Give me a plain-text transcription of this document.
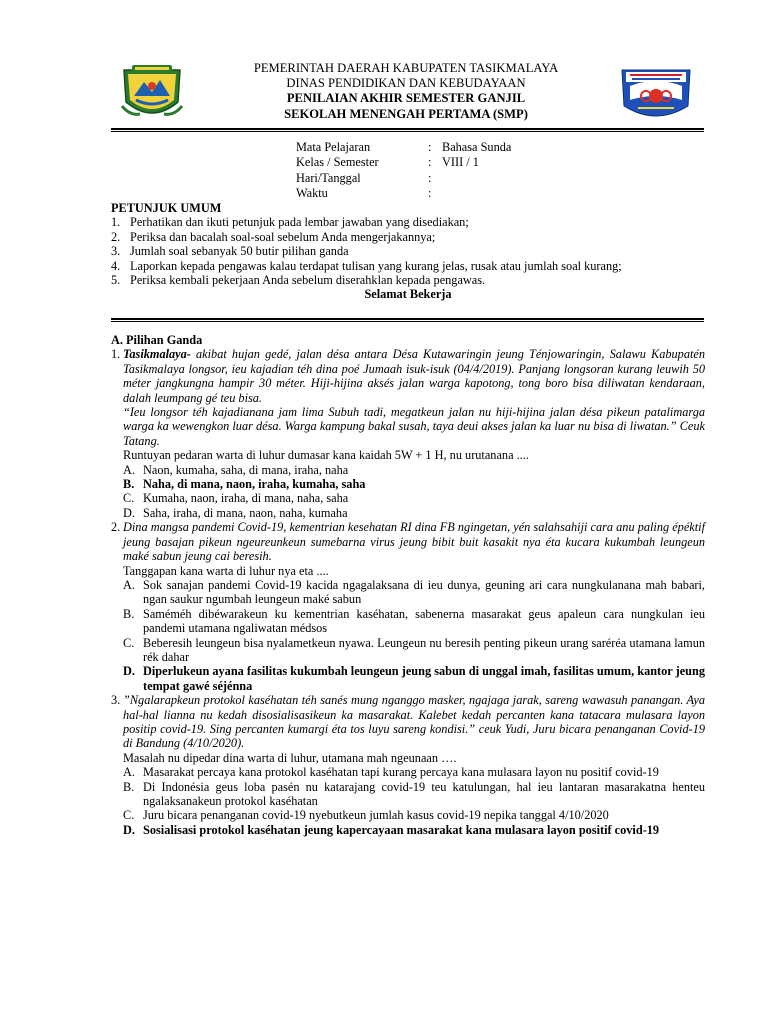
PEMERINTAH DAERAH KABUPATEN TASIKMALAYA
DINAS PENDIDIKAN DAN KEBUDAYAAN
PENILAIAN AKHIR SEMESTER GANJIL
SEKOLAH MENENGAH PERTAMA (SMP)
Mata Pelajaran	: Bahasa Sunda
Kelas / Semester	: VIII / 1
Hari/Tanggal	:
Waktu	:
PETUNJUK UMUM
1. Perhatikan dan ikuti petunjuk pada lembar jawaban yang disediakan;
2. Periksa dan bacalah soal-soal sebelum Anda mengerjakannya;
3. Jumlah soal sebanyak 50 butir pilihan ganda
4. Laporkan kepada pengawas kalau terdapat tulisan yang kurang jelas, rusak atau jumlah soal kurang;
5. Periksa kembali pekerjaan Anda sebelum diserahklan kepada pengawas.
Selamat Bekerja
A. Pilihan Ganda
1. Tasikmalaya- akibat hujan gedé, jalan désa antara Désa Kutawaringin jeung Ténjowaringin, Salawu Kabupatén Tasikmalaya longsor, ieu kajadian téh dina poé Jumaah isuk-isuk (04/4/2019). Panjang longsoran kurang leuwih 50 méter jangkungna hampir 30 méter. Hiji-hijina aksés jalan warga kapotong, tong boro bisa diliwatan kendaraan, dalah leumpang gé teu bisa.
“Ieu longsor téh kajadianana jam lima Subuh tadi, megatkeun jalan nu hiji-hijina jalan désa pikeun patalimarga warga ka wewengkon luar désa. Warga kampung bakal susah, taya deui akses jalan ka luar nu bisa di liwatan.” Ceuk Tatang.
Runtuyan pedaran warta di luhur dumasar kana kaidah 5W + 1 H, nu urutanana ....
A. Naon, kumaha, saha, di mana, iraha, naha
B. Naha, di mana, naon, iraha, kumaha, saha
C. Kumaha, naon, iraha, di mana, naha, saha
D. Saha, iraha, di mana, naon, naha, kumaha
2. Dina mangsa pandemi Covid-19, kementrian kesehatan RI dina FB ngingetan, yén salahsahiji cara anu paling épéktif jeung basajan pikeun ngeureunkeun sumebarna virus jeung bibit buit kasakit nya éta kucara kukumbah leungeun maké sabun jeung cai beresih.
Tanggapan kana warta di luhur nya eta ....
A. Sok sanajan pandemi Covid-19 kacida ngagalaksana di ieu dunya, geuning ari cara nungkulanana mah babari, ngan saukur ngumbah leungeun maké sabun
B. Saméméh dibéwarakeun ku kementrian kaséhatan, sabenerna masarakat geus apaleun cara nungkulan ieu pandemi utamana ngaliwatan médsos
C. Beberesih leungeun bisa nyalametkeun nyawa. Leungeun nu beresih penting pikeun urang saréréa utamana lamun rék dahar
D. Diperlukeun ayana fasilitas kukumbah leungeun jeung sabun di unggal imah, fasilitas umum, kantor jeung tempat gawé séjénna
3. ”Ngalarapkeun protokol kaséhatan téh sanés mung nganggo masker, ngajaga jarak, sareng wawasuh panangan. Aya hal-hal lianna nu kedah disosialisasikeun ka masarakat. Kalebet kedah percanten kana tatacara mulasara layon positip covid-19. Sing percanten kumargi éta tos luyu sareng kondisi.” ceuk Yudi, Juru bicara penanganan Covid-19 di Bandung (4/10/2020).
Masalah nu dipedar dina warta di luhur, utamana mah ngeunaan ….
A. Masarakat percaya kana protokol kaséhatan tapi kurang percaya kana mulasara layon nu positif covid-19
B. Di Indonésia geus loba pasén nu katarajang covid-19 teu katulungan, hal ieu lantaran masarakatna henteu ngalaksanakeun protokol kaséhatan
C. Juru bicara penanganan covid-19 nyebutkeun jumlah kasus covid-19 nepika tanggal 4/10/2020
D. Sosialisasi protokol kaséhatan jeung kapercayaan masarakat kana mulasara layon positif covid-19
